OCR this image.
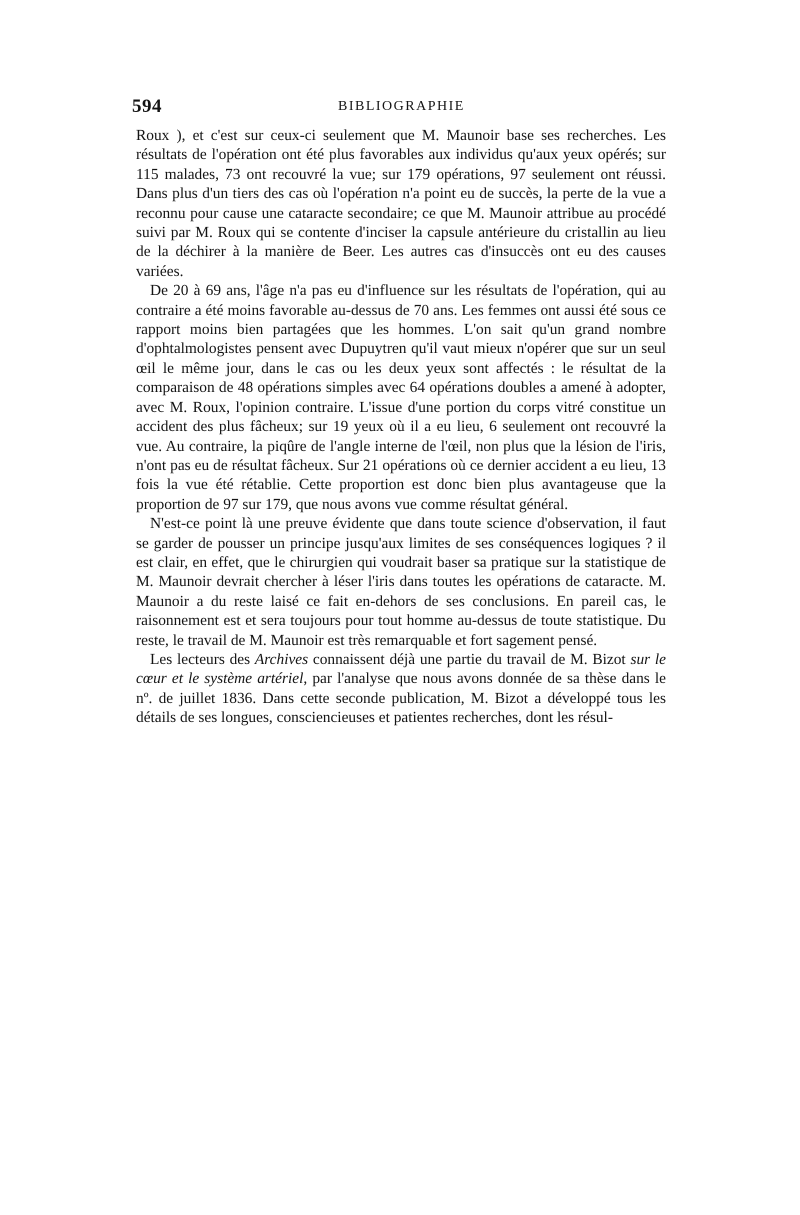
594	BIBLIOGRAPHIE

Roux ), et c'est sur ceux-ci seulement que M. Maunoir base ses recherches. Les résultats de l'opération ont été plus favorables aux individus qu'aux yeux opérés; sur 115 malades, 73 ont recouvré la vue; sur 179 opérations, 97 seulement ont réussi. Dans plus d'un tiers des cas où l'opération n'a point eu de succès, la perte de la vue a reconnu pour cause une cataracte secondaire; ce que M. Maunoir attribue au procédé suivi par M. Roux qui se contente d'inciser la capsule antérieure du cristallin au lieu de la déchirer à la manière de Beer. Les autres cas d'insuccès ont eu des causes variées.

De 20 à 69 ans, l'âge n'a pas eu d'influence sur les résultats de l'opération, qui au contraire a été moins favorable au-dessus de 70 ans. Les femmes ont aussi été sous ce rapport moins bien partagées que les hommes. L'on sait qu'un grand nombre d'ophtalmologistes pensent avec Dupuytren qu'il vaut mieux n'opérer que sur un seul œil le même jour, dans le cas ou les deux yeux sont affectés : le résultat de la comparaison de 48 opérations simples avec 64 opérations doubles a amené à adopter, avec M. Roux, l'opinion contraire. L'issue d'une portion du corps vitré constitue un accident des plus fâcheux; sur 19 yeux où il a eu lieu, 6 seulement ont recouvré la vue. Au contraire, la piqûre de l'angle interne de l'œil, non plus que la lésion de l'iris, n'ont pas eu de résultat fâcheux. Sur 21 opérations où ce dernier accident a eu lieu, 13 fois la vue été rétablie. Cette proportion est donc bien plus avantageuse que la proportion de 97 sur 179, que nous avons vue comme résultat général.

N'est-ce point là une preuve évidente que dans toute science d'observation, il faut se garder de pousser un principe jusqu'aux limites de ses conséquences logiques ? il est clair, en effet, que le chirurgien qui voudrait baser sa pratique sur la statistique de M. Maunoir devrait chercher à léser l'iris dans toutes les opérations de cataracte. M. Maunoir a du reste laisé ce fait en-dehors de ses conclusions. En pareil cas, le raisonnement est et sera toujours pour tout homme au-dessus de toute statistique. Du reste, le travail de M. Maunoir est très remarquable et fort sagement pensé.

Les lecteurs des Archives connaissent déjà une partie du travail de M. Bizot sur le cœur et le système artériel, par l'analyse que nous avons donnée de sa thèse dans le nº. de juillet 1836. Dans cette seconde publication, M. Bizot a développé tous les détails de ses longues, consciencieuses et patientes recherches, dont les résul-
